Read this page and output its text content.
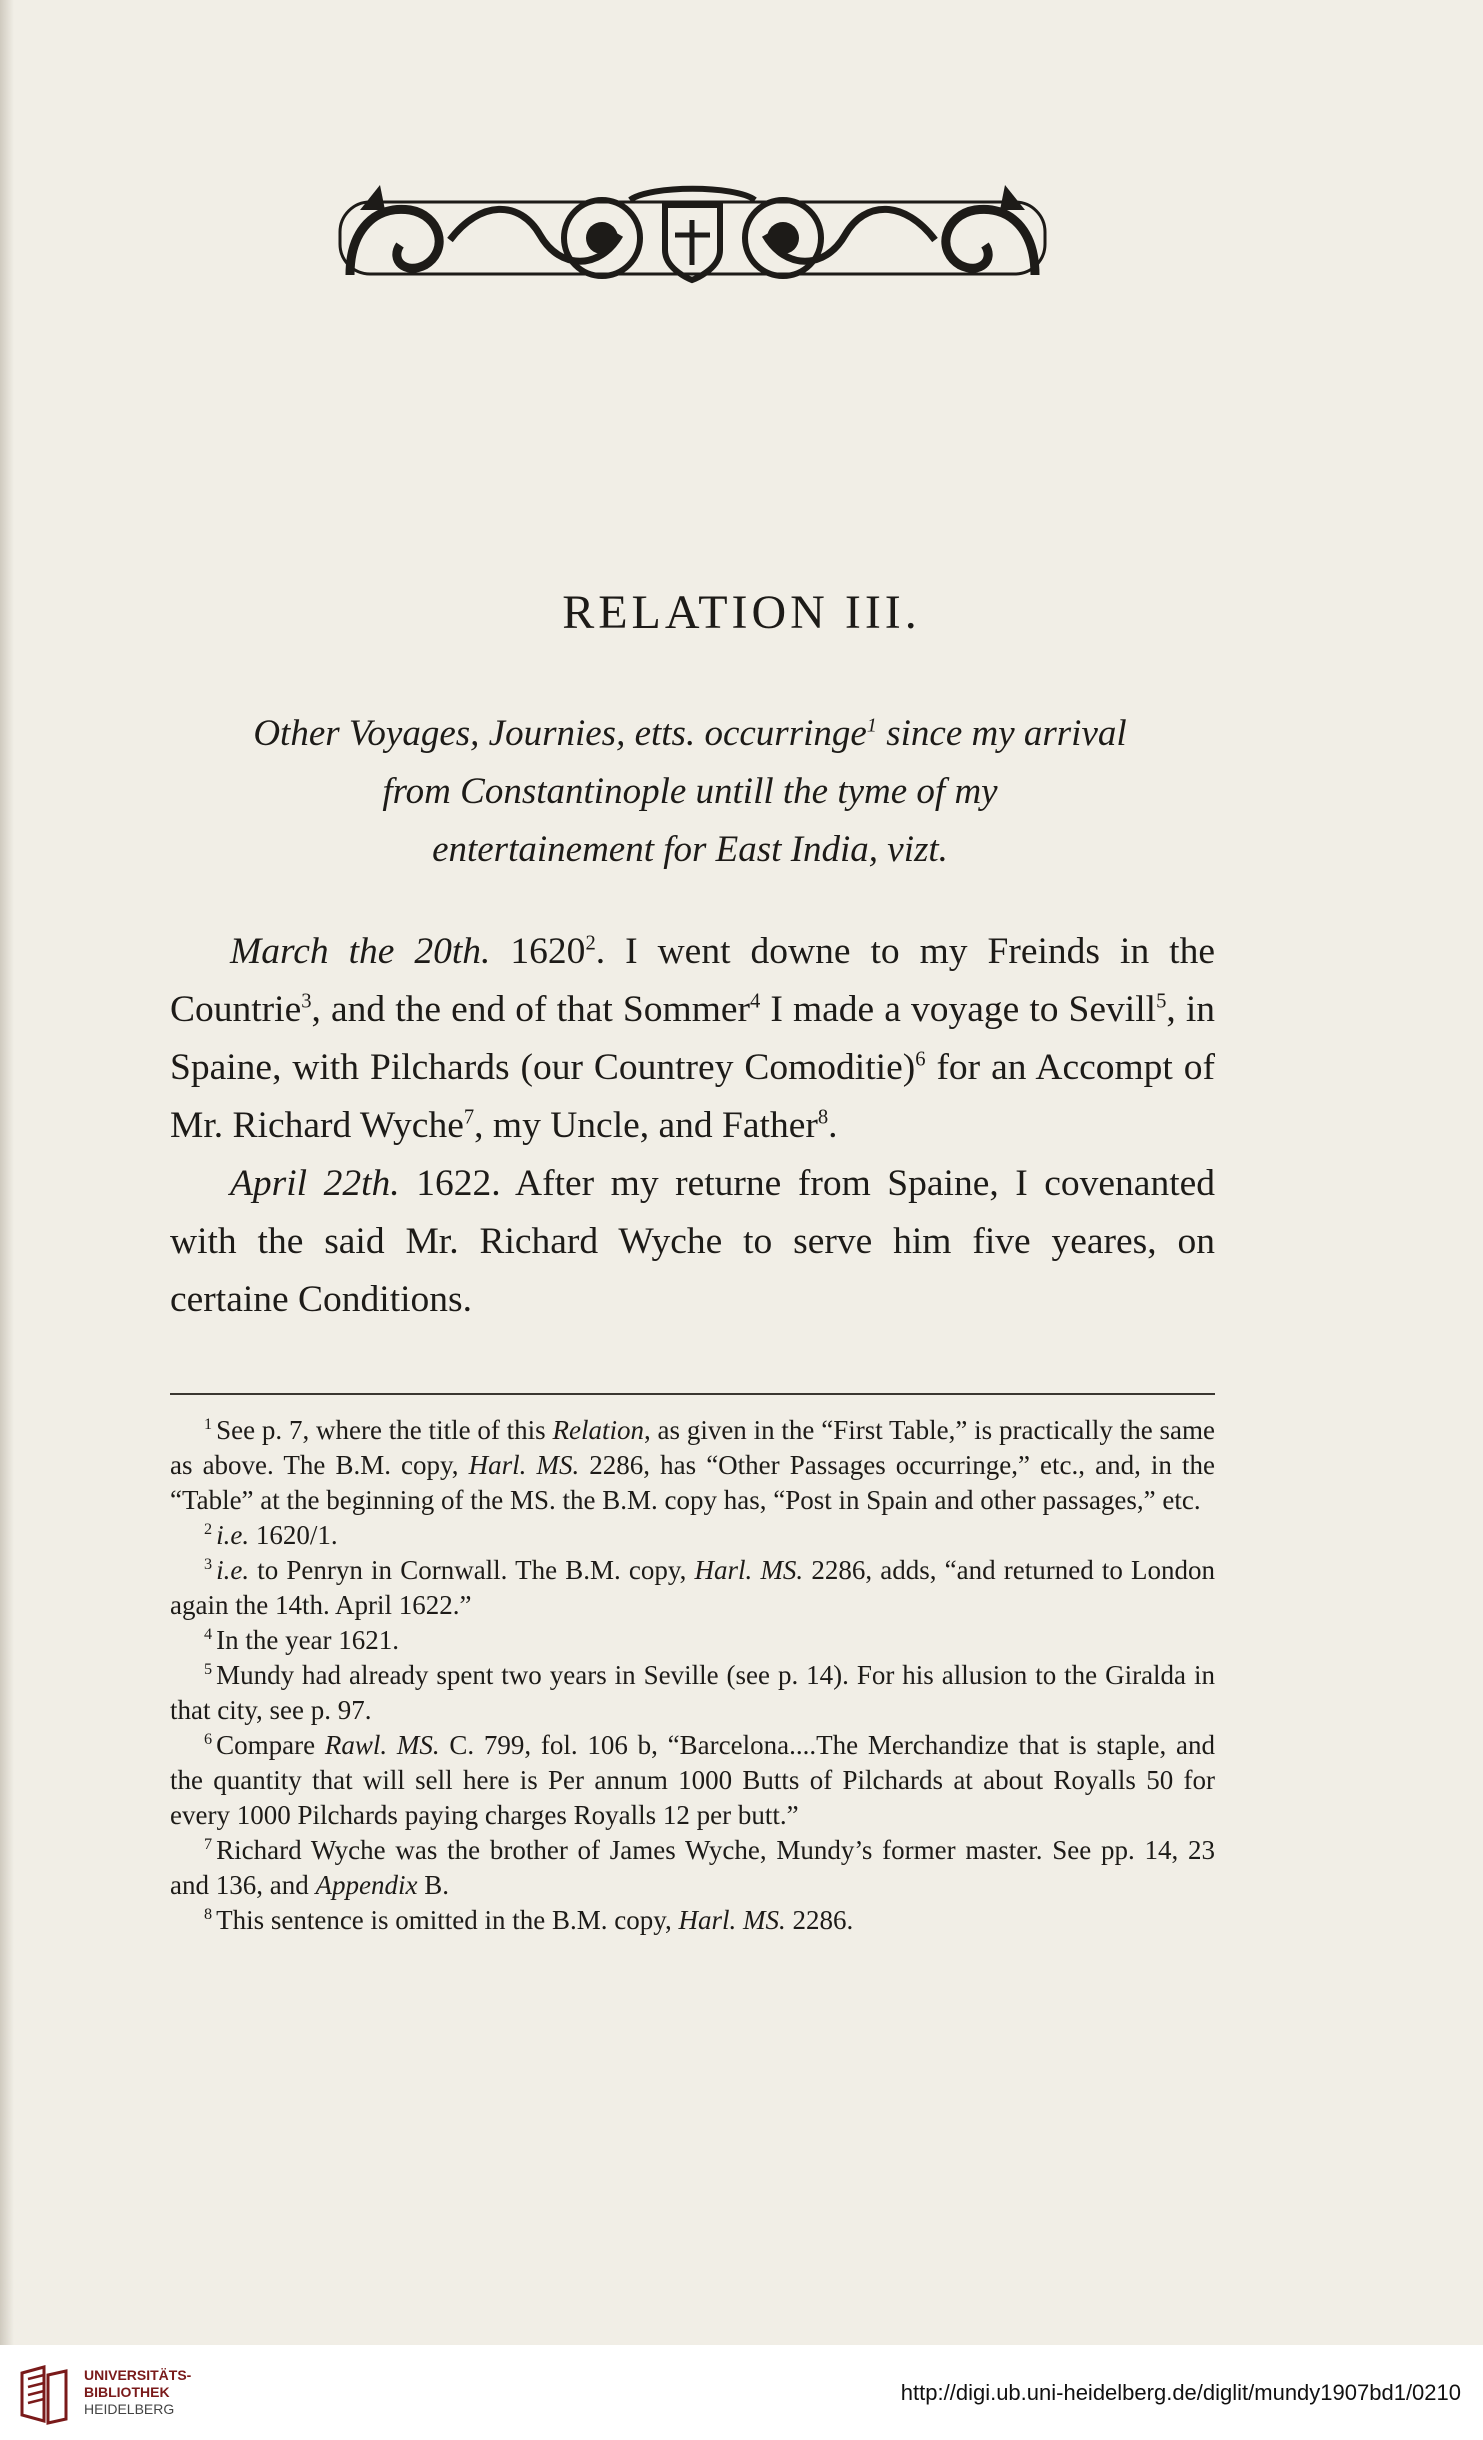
RELATION III.
Other Voyages, Journies, etts. occurringe$^1$ since my arrival
from Constantinople untill the tyme of my
entertainement for East India, vizt.

March the 20th. 1620$^2$. I went downe to my Freinds in the Countrie$^3$, and the end of that Sommer$^4$ I made a voyage to Sevill$^5$, in Spaine, with Pilchards (our Countrey Comoditie)$^6$ for an Accompt of Mr. Richard Wyche$^7$, my Uncle, and Father$^8$.

April 22th. 1622. After my returne from Spaine, I covenanted with the said Mr. Richard Wyche to serve him five yeares, on certaine Conditions.

$^1$ See p. 7, where the title of this Relation, as given in the “First Table,” is practically the same as above. The B.M. copy, Harl. MS. 2286, has “Other Passages occurringe,” etc., and, in the “Table” at the beginning of the MS. the B.M. copy has, “Post in Spain and other passages,” etc.

$^2$ i.e. 1620/1.

$^3$ i.e. to Penryn in Cornwall. The B.M. copy, Harl. MS. 2286, adds, “and returned to London again the 14th. April 1622.”

$^4$ In the year 1621.

$^5$ Mundy had already spent two years in Seville (see p. 14). For his allusion to the Giralda in that city, see p. 97.

$^6$ Compare Rawl. MS. C. 799, fol. 106 b, “Barcelona....The Merchandize that is staple, and the quantity that will sell here is Per annum 1000 Butts of Pilchards at about Royalls 50 for every 1000 Pilchards paying charges Royalls 12 per butt.”

$^7$ Richard Wyche was the brother of James Wyche, Mundy’s former master. See pp. 14, 23 and 136, and Appendix B.

$^8$ This sentence is omitted in the B.M. copy, Harl. MS. 2286.

UNIVERSITÄTS-
BIBLIOTHEK
HEIDELBERG
http://digi.ub.uni-heidelberg.de/diglit/mundy1907bd1/0210
